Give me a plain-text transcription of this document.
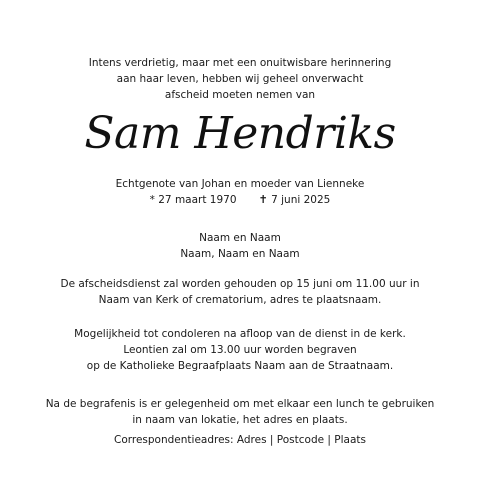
Intens verdrietig, maar met een onuitwisbare herinnering
aan haar leven, hebben wij geheel onverwacht
afscheid moeten nemen van
Sam Hendriks
Echtgenote van Johan en moeder van Lienneke
* 27 maart 1970 ✝ 7 juni 2025
Naam en Naam
Naam, Naam en Naam
De afscheidsdienst zal worden gehouden op 15 juni om 11.00 uur in
Naam van Kerk of crematorium, adres te plaatsnaam.
Mogelijkheid tot condoleren na afloop van de dienst in de kerk.
Leontien zal om 13.00 uur worden begraven
op de Katholieke Begraafplaats Naam aan de Straatnaam.
Na de begrafenis is er gelegenheid om met elkaar een lunch te gebruiken
in naam van lokatie, het adres en plaats.
Correspondentieadres: Adres | Postcode | Plaats
